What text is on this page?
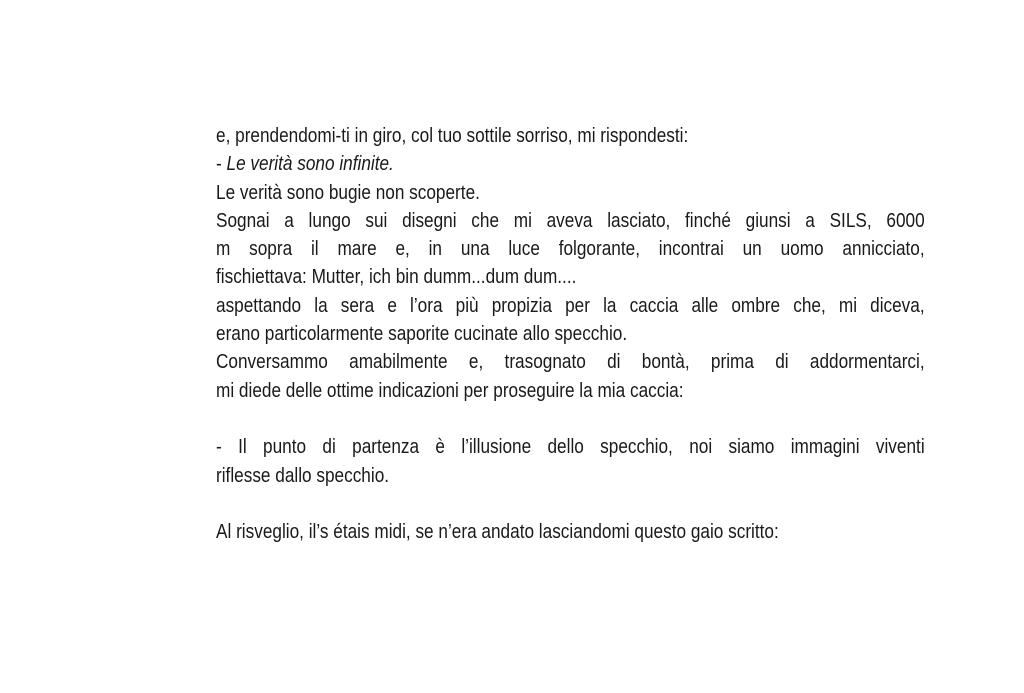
e, prendendomi-ti in giro, col tuo sottile sorriso, mi rispondesti:
- Le verità sono infinite.
Le verità sono bugie non scoperte.
Sognai a lungo sui disegni che mi aveva lasciato, finché giunsi a SILS, 6000
m sopra il mare e, in una luce folgorante, incontrai un uomo annicciato,
fischiettava: Mutter, ich bin dumm...dum dum....
aspettando la sera e l’ora più propizia per la caccia alle ombre che, mi diceva,
erano particolarmente saporite cucinate allo specchio.
Conversammo amabilmente e, trasognato di bontà, prima di addormentarci,
mi diede delle ottime indicazioni per proseguire la mia caccia:
- Il punto di partenza è l’illusione dello specchio, noi siamo immagini viventi
riflesse dallo specchio.
Al risveglio, il’s étais midi, se n’era andato lasciandomi questo gaio scritto:
